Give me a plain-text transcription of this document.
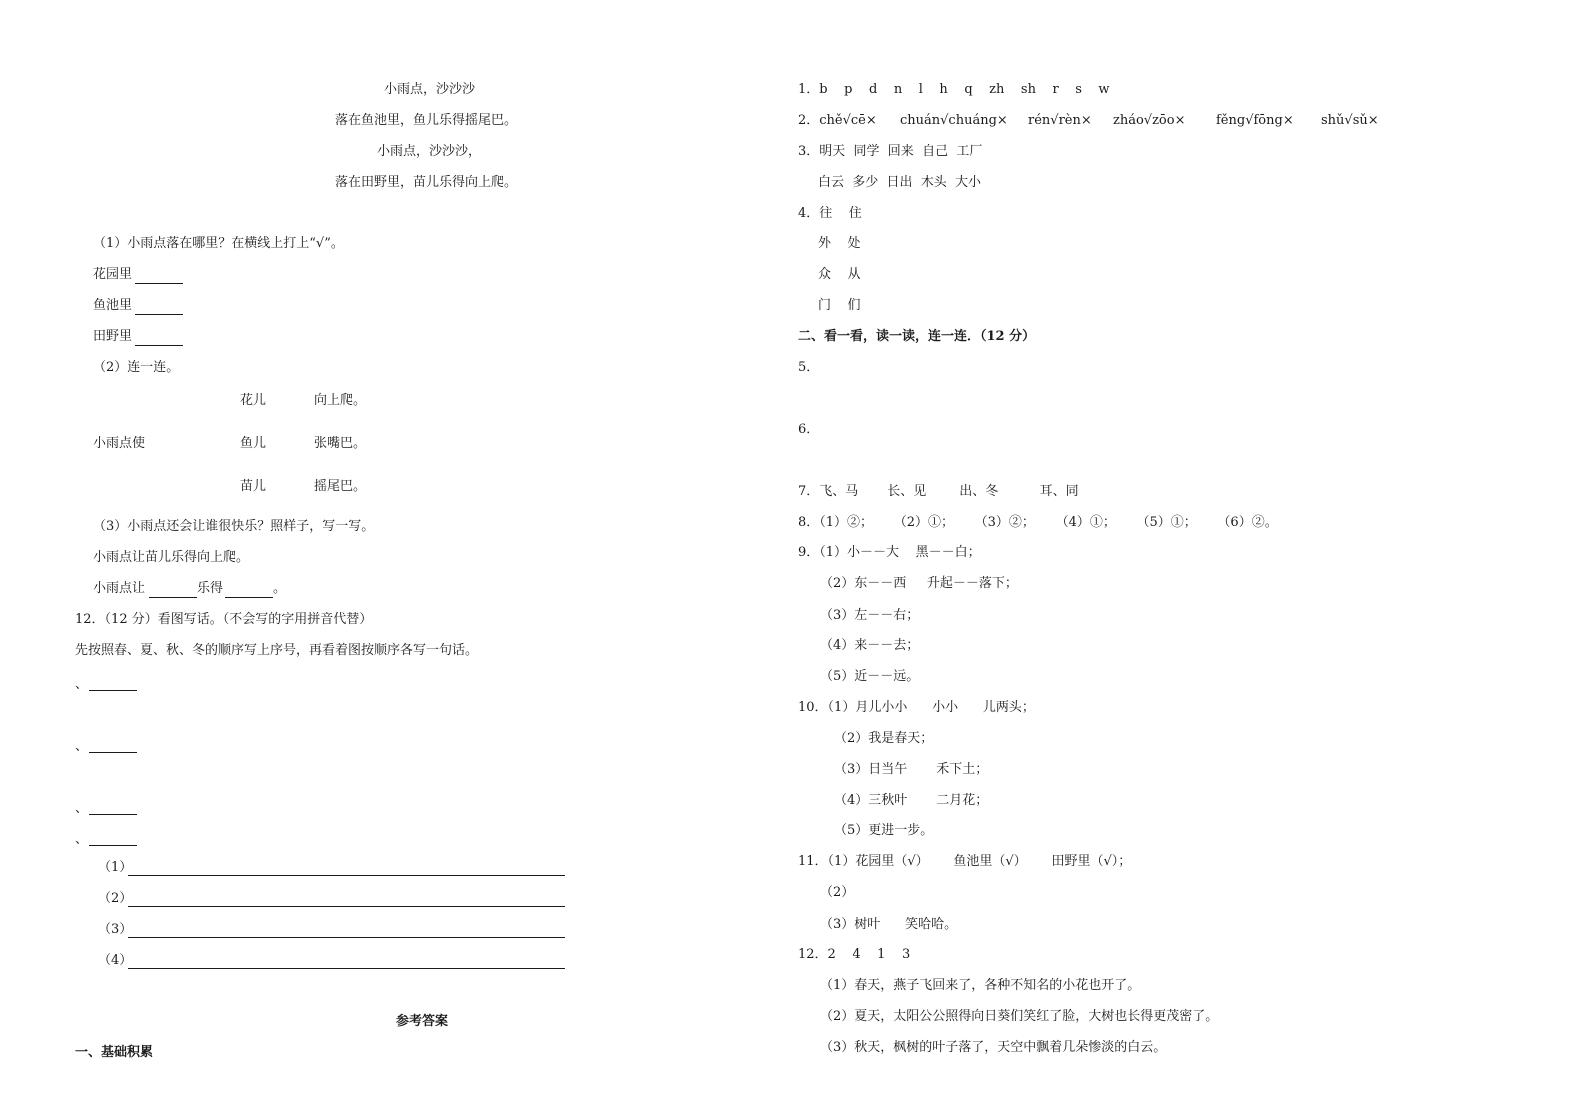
小雨点，沙沙沙
落在鱼池里，鱼儿乐得摇尾巴。
小雨点，沙沙沙，
落在田野里，苗儿乐得向上爬。
（1）小雨点落在哪里？在横线上打上“√”。
花园里
鱼池里
田野里
（2）连一连。
花儿	向上爬。
小雨点使	鱼儿	张嘴巴。
苗儿	摇尾巴。
（3）小雨点还会让谁很快乐？照样子，写一写。
小雨点让苗儿乐得向上爬。
小雨点让	乐得	。
12．（12 分）看图写话。（不会写的字用拼音代替）
先按照春、夏、秋、冬的顺序写上序号，再看着图按顺序各写一句话。
、
、
、
、
（1）
（2）
（3）
（4）
参考答案
一、基础积累
1．b    p    d    n    l    h    q    zh    sh    r    s    w
2．chě√cē× chuán√chuáng× rén√rèn× zháo√zōo× fěng√fōng× shǔ√sǔ×
3．明天  同学  回来  自己  工厂
白云  多少  日出  木头  大小
4．往    住
外    处
众    从
门    们
二、看一看，读一读，连一连．（12 分）
5．
6．
7．飞、马       长、见        出、冬          耳、同
8．（1）②；     （2）①；     （3）②；     （4）①；     （5）①；     （6）②。
9．（1）小－－大    黑－－白；
（2）东－－西     升起－－落下；
（3）左－－右；
（4）来－－去；
（5）近－－远。
10．（1）月儿小小      小小      儿两头；
（2）我是春天；
（3）日当午       禾下土；
（4）三秋叶       二月花；
（5）更进一步。
11．（1）花园里（√）      鱼池里（√）      田野里（√）；
（2）
（3）树叶      笑哈哈。
12．2    4    1    3
（1）春天，燕子飞回来了，各种不知名的小花也开了。
（2）夏天，太阳公公照得向日葵们笑红了脸，大树也长得更茂密了。
（3）秋天，枫树的叶子落了，天空中飘着几朵惨淡的白云。
